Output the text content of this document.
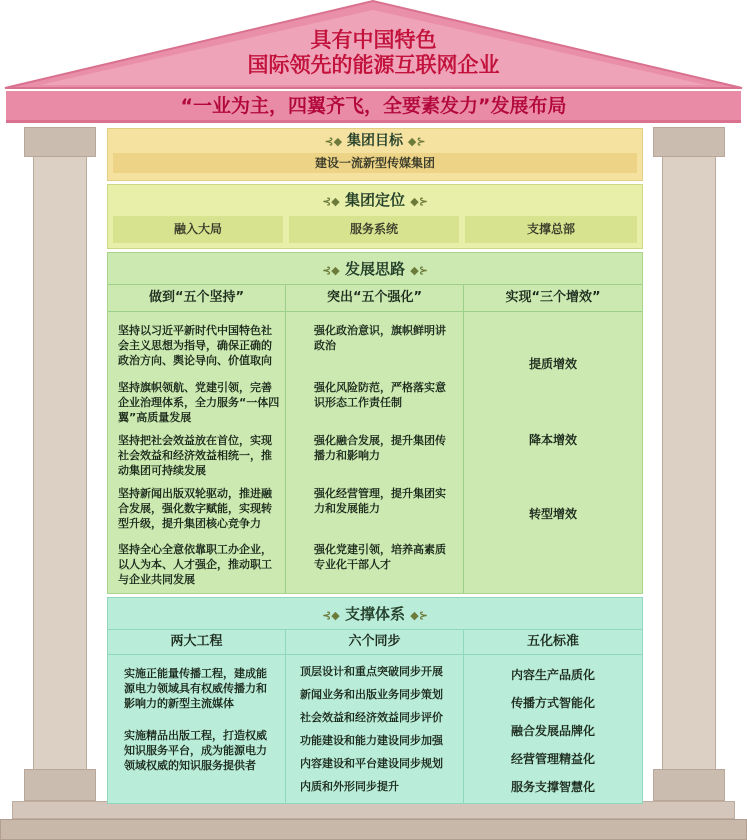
具有中国特色
国际领先的能源互联网企业
“一业为主，四翼齐飞，全要素发力”发展布局
⊰◆ 集团目标 ◆⊱
建设一流新型传媒集团
⊰◆ 集团定位 ◆⊱
融入大局	服务系统	支撑总部
⊰◆ 发展思路 ◆⊱
做到“五个坚持”
坚持以习近平新时代中国特色社会主义思想为指导，确保正确的政治方向、舆论导向、价值取向
坚持旗帜领航、党建引领，完善企业治理体系，全力服务“一体四翼”高质量发展
坚持把社会效益放在首位，实现社会效益和经济效益相统一，推动集团可持续发展
坚持新闻出版双轮驱动，推进融合发展，强化数字赋能，实现转型升级，提升集团核心竞争力
坚持全心全意依靠职工办企业，以人为本、人才强企，推动职工与企业共同发展
突出“五个强化”
强化政治意识，旗帜鲜明讲政治
强化风险防范，严格落实意识形态工作责任制
强化融合发展，提升集团传播力和影响力
强化经营管理，提升集团实力和发展能力
强化党建引领，培养高素质专业化干部人才
实现“三个增效”
提质增效
降本增效
转型增效
⊰◆ 支撑体系 ◆⊱
两大工程
实施正能量传播工程，建成能源电力领域具有权威传播力和影响力的新型主流媒体
实施精品出版工程，打造权威知识服务平台，成为能源电力领域权威的知识服务提供者
六个同步
顶层设计和重点突破同步开展
新闻业务和出版业务同步策划
社会效益和经济效益同步评价
功能建设和能力建设同步加强
内容建设和平台建设同步规划
内质和外形同步提升
五化标准
内容生产品质化
传播方式智能化
融合发展品牌化
经营管理精益化
服务支撑智慧化
